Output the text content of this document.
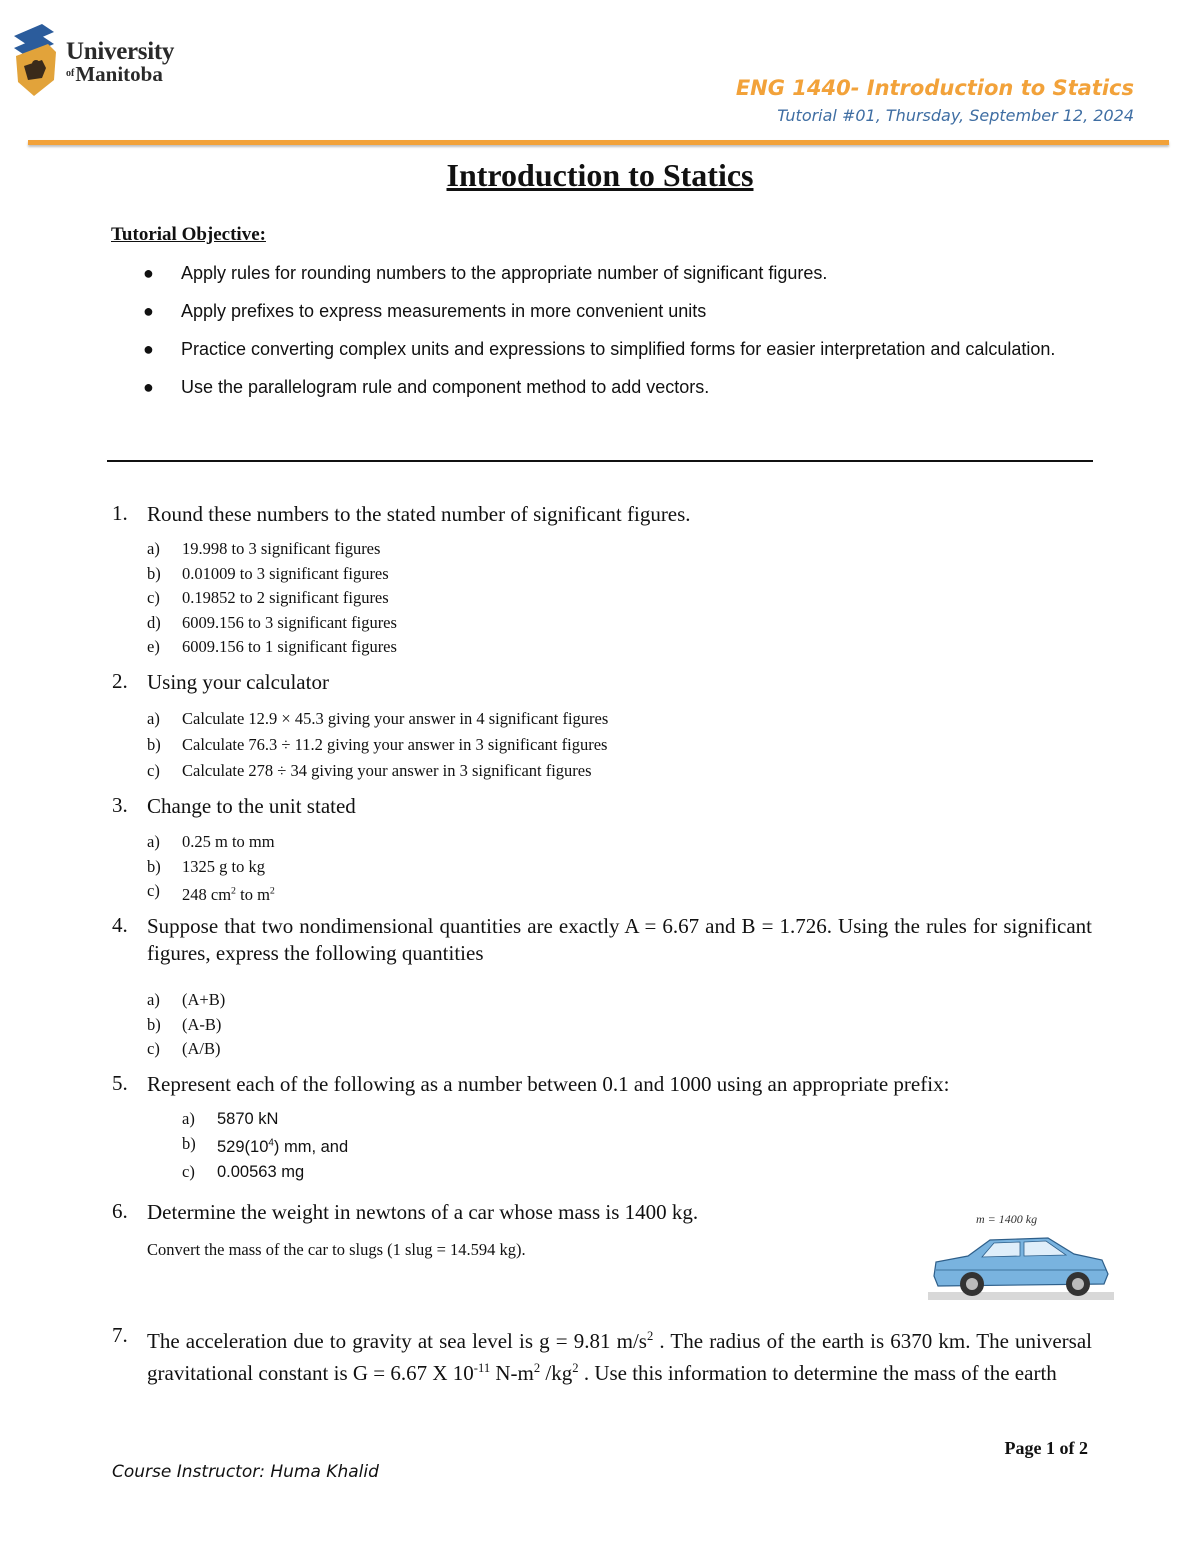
University
$^{of}$Manitoba
ENG 1440- Introduction to Statics
Tutorial #01, Thursday, September 12, 2024
Introduction to Statics
Tutorial Objective:
● Apply rules for rounding numbers to the appropriate number of significant figures.
● Apply prefixes to express measurements in more convenient units
● Practice converting complex units and expressions to simplified forms for easier interpretation and calculation.
● Use the parallelogram rule and component method to add vectors.
1. Round these numbers to the stated number of significant figures.
a) 19.998 to 3 significant figures
b) 0.01009 to 3 significant figures
c) 0.19852 to 2 significant figures
d) 6009.156 to 3 significant figures
e) 6009.156 to 1 significant figures
2. Using your calculator
a) Calculate 12.9 × 45.3 giving your answer in 4 significant figures
b) Calculate 76.3 ÷ 11.2 giving your answer in 3 significant figures
c) Calculate 278 ÷ 34 giving your answer in 3 significant figures
3. Change to the unit stated
a) 0.25 m to mm
b) 1325 g to kg
c) 248 $cm^2$ to $m^2$
4. Suppose that two nondimensional quantities are exactly A = 6.67 and B = 1.726. Using the rules for significant figures, express the following quantities
a) (A+B)
b) (A-B)
c) (A/B)
5. Represent each of the following as a number between 0.1 and 1000 using an appropriate prefix:
a) 5870 kN
b) $529(10^4)$ mm, and
c) 0.00563 mg
6. Determine the weight in newtons of a car whose mass is 1400 kg.
Convert the mass of the car to slugs (1 slug = 14.594 kg).
m = 1400 kg
7. The acceleration due to gravity at sea level is g = 9.81 $m/s^2$ . The radius of the earth is 6370 km. The universal gravitational constant is G = 6.67 X $10^{-11}$ $N-m^2$ $/kg^2$ . Use this information to determine the mass of the earth
Page 1 of 2
Course Instructor: Huma Khalid
